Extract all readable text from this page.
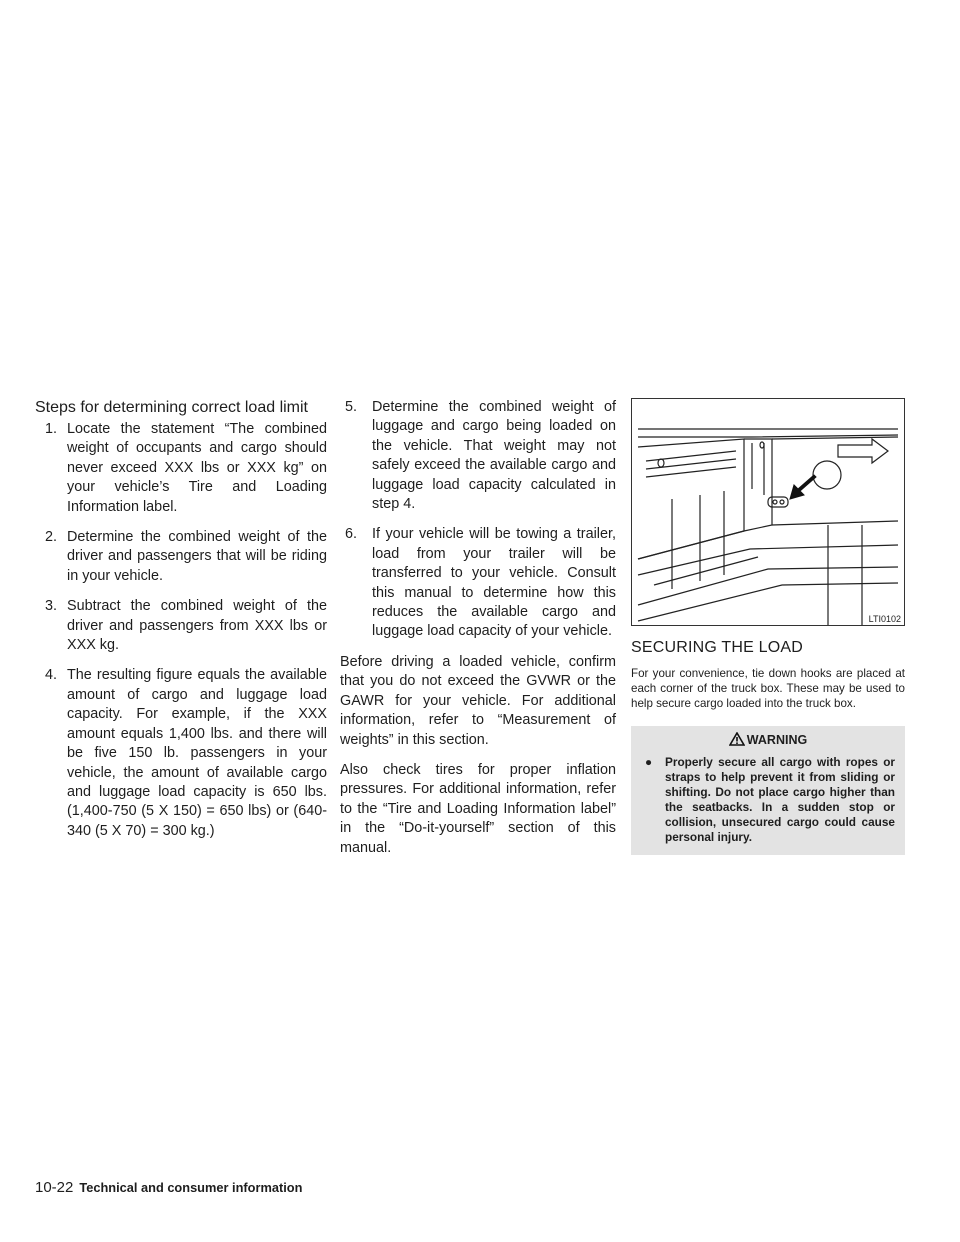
Steps for determining correct load limit
1. Locate the statement “The combined weight of occupants and cargo should never exceed XXX lbs or XXX kg” on your vehicle’s Tire and Loading Information label.
2. Determine the combined weight of the driver and passengers that will be riding in your vehicle.
3. Subtract the combined weight of the driver and passengers from XXX lbs or XXX kg.
4. The resulting figure equals the available amount of cargo and luggage load capacity. For example, if the XXX amount equals 1,400 lbs. and there will be five 150 lb. passengers in your vehicle, the amount of available cargo and luggage load capacity is 650 lbs. (1,400-750 (5 X 150) = 650 lbs) or (640-340 (5 X 70) = 300 kg.)
5. Determine the combined weight of luggage and cargo being loaded on the vehicle. That weight may not safely exceed the available cargo and luggage load capacity calculated in step 4.
6. If your vehicle will be towing a trailer, load from your trailer will be transferred to your vehicle. Consult this manual to determine how this reduces the available cargo and luggage load capacity of your vehicle.

Before driving a loaded vehicle, confirm that you do not exceed the GVWR or the GAWR for your vehicle. For additional information, refer to “Measurement of weights” in this section.

Also check tires for proper inflation pressures. For additional information, refer to the “Tire and Loading Information label” in the “Do-it-yourself” section of this manual.

LTI0102
SECURING THE LOAD

For your convenience, tie down hooks are placed at each corner of the truck box. These may be used to help secure cargo loaded into the truck box.

WARNING
● Properly secure all cargo with ropes or straps to help prevent it from sliding or shifting. Do not place cargo higher than the seatbacks. In a sudden stop or collision, unsecured cargo could cause personal injury.
10-22 Technical and consumer information
